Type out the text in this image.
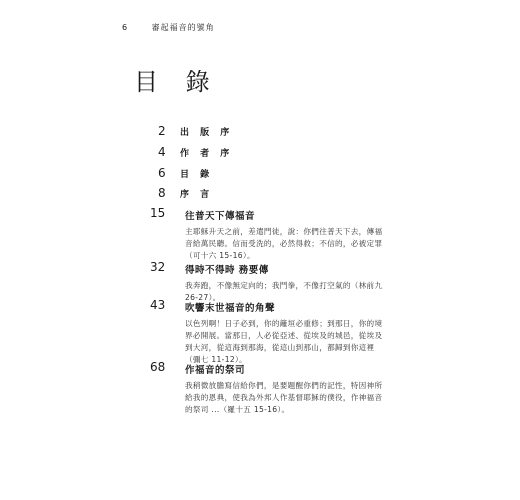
6	審起福音的號角
目 錄
2 出 版 序
4 作 者 序
6 目 錄
8 序 言
15	往普天下傳福音
主耶穌升天之前，差遣門徒，說：你們往普天下去，傳福音給萬民聽。信而受洗的，必然得救；不信的，必被定罪（可十六 15-16）。
32	得時不得時 務要傳
我奔跑，不像無定向的；我鬥拳，不像打空氣的（林前九 26-27）。
43	吹響末世福音的角聲
以色列啊！日子必到，你的籬垣必重修；到那日，你的境界必開展。當那日，人必從亞述、從埃及的城邑，從埃及到大河，從這海到那海，從這山到那山，都歸到你這裡（彌七 11-12）。
68	作福音的祭司
我稍微放膽寫信給你們，是要題醒你們的記性，特因神所給我的恩典，使我為外邦人作基督耶穌的僕役，作神福音的祭司 ...（羅十五 15-16）。
